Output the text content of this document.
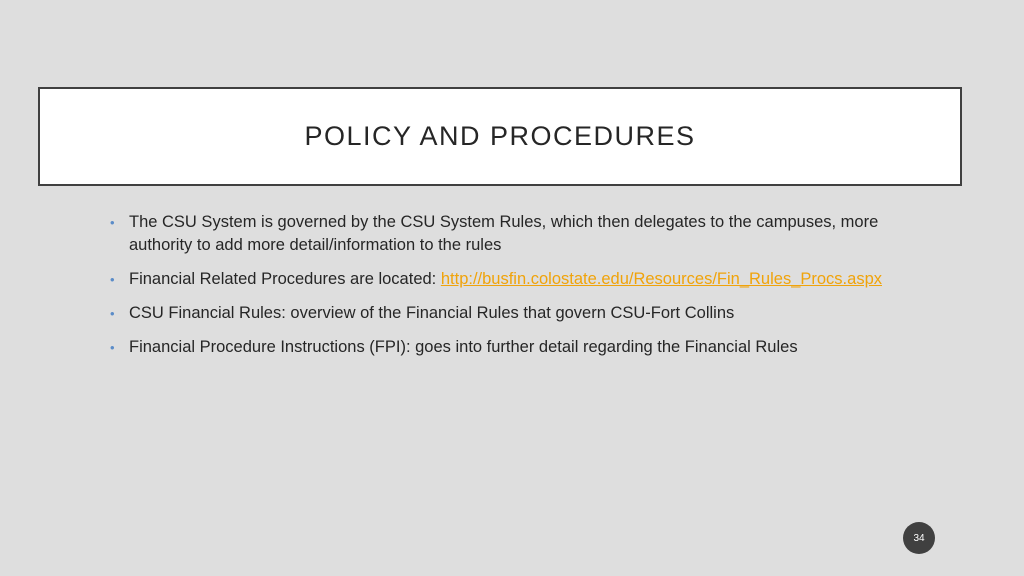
POLICY AND PROCEDURES
• The CSU System is governed by the CSU System Rules, which then delegates to the campuses, more authority to add more detail/information to the rules
• Financial Related Procedures are located: http://busfin.colostate.edu/Resources/Fin_Rules_Procs.aspx
• CSU Financial Rules: overview of the Financial Rules that govern CSU-Fort Collins
• Financial Procedure Instructions (FPI): goes into further detail regarding the Financial Rules
34
